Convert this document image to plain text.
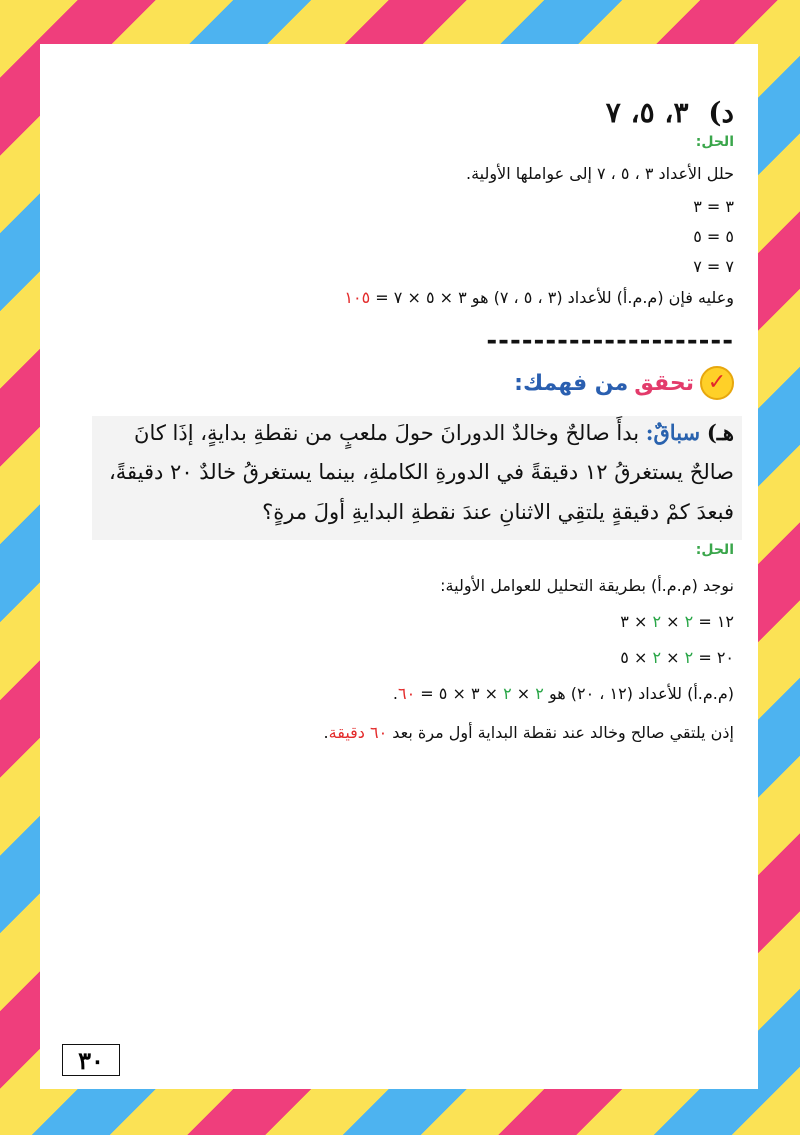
د) ٣، ٥، ٧
الحل:
حلل الأعداد ٣ ، ٥ ، ٧ إلى عواملها الأولية.
٣ = ٣
٥ = ٥
٧ = ٧
وعليه فإن (م.م.أ) للأعداد (٣ ، ٥ ، ٧) هو ٣ × ٥ × ٧ = ١٠٥
---------------------
✓
تحقق
من فهمك:
هـ) سباقٌ: بدأَ صالحٌ وخالدٌ الدورانَ حولَ ملعبٍ من نقطةِ بدايةٍ، إذَا كانَ
صالحٌ يستغرقُ ١٢ دقيقةً في الدورةِ الكاملةِ، بينما يستغرقُ خالدٌ ٢٠ دقيقةً،
فبعدَ كمْ دقيقةٍ يلتقِي الاثنانِ عندَ نقطةِ البدايةِ أولَ مرةٍ؟
الحل:
نوجد (م.م.أ) بطريقة التحليل للعوامل الأولية:
١٢ = ٢ × ٢ × ٣
٢٠ = ٢ × ٢ × ٥
(م.م.أ) للأعداد (١٢ ، ٢٠) هو ٢ × ٢ × ٣ × ٥ = ٦٠.
إذن يلتقي صالح وخالد عند نقطة البداية أول مرة بعد ٦٠ دقيقة.
٣٠
